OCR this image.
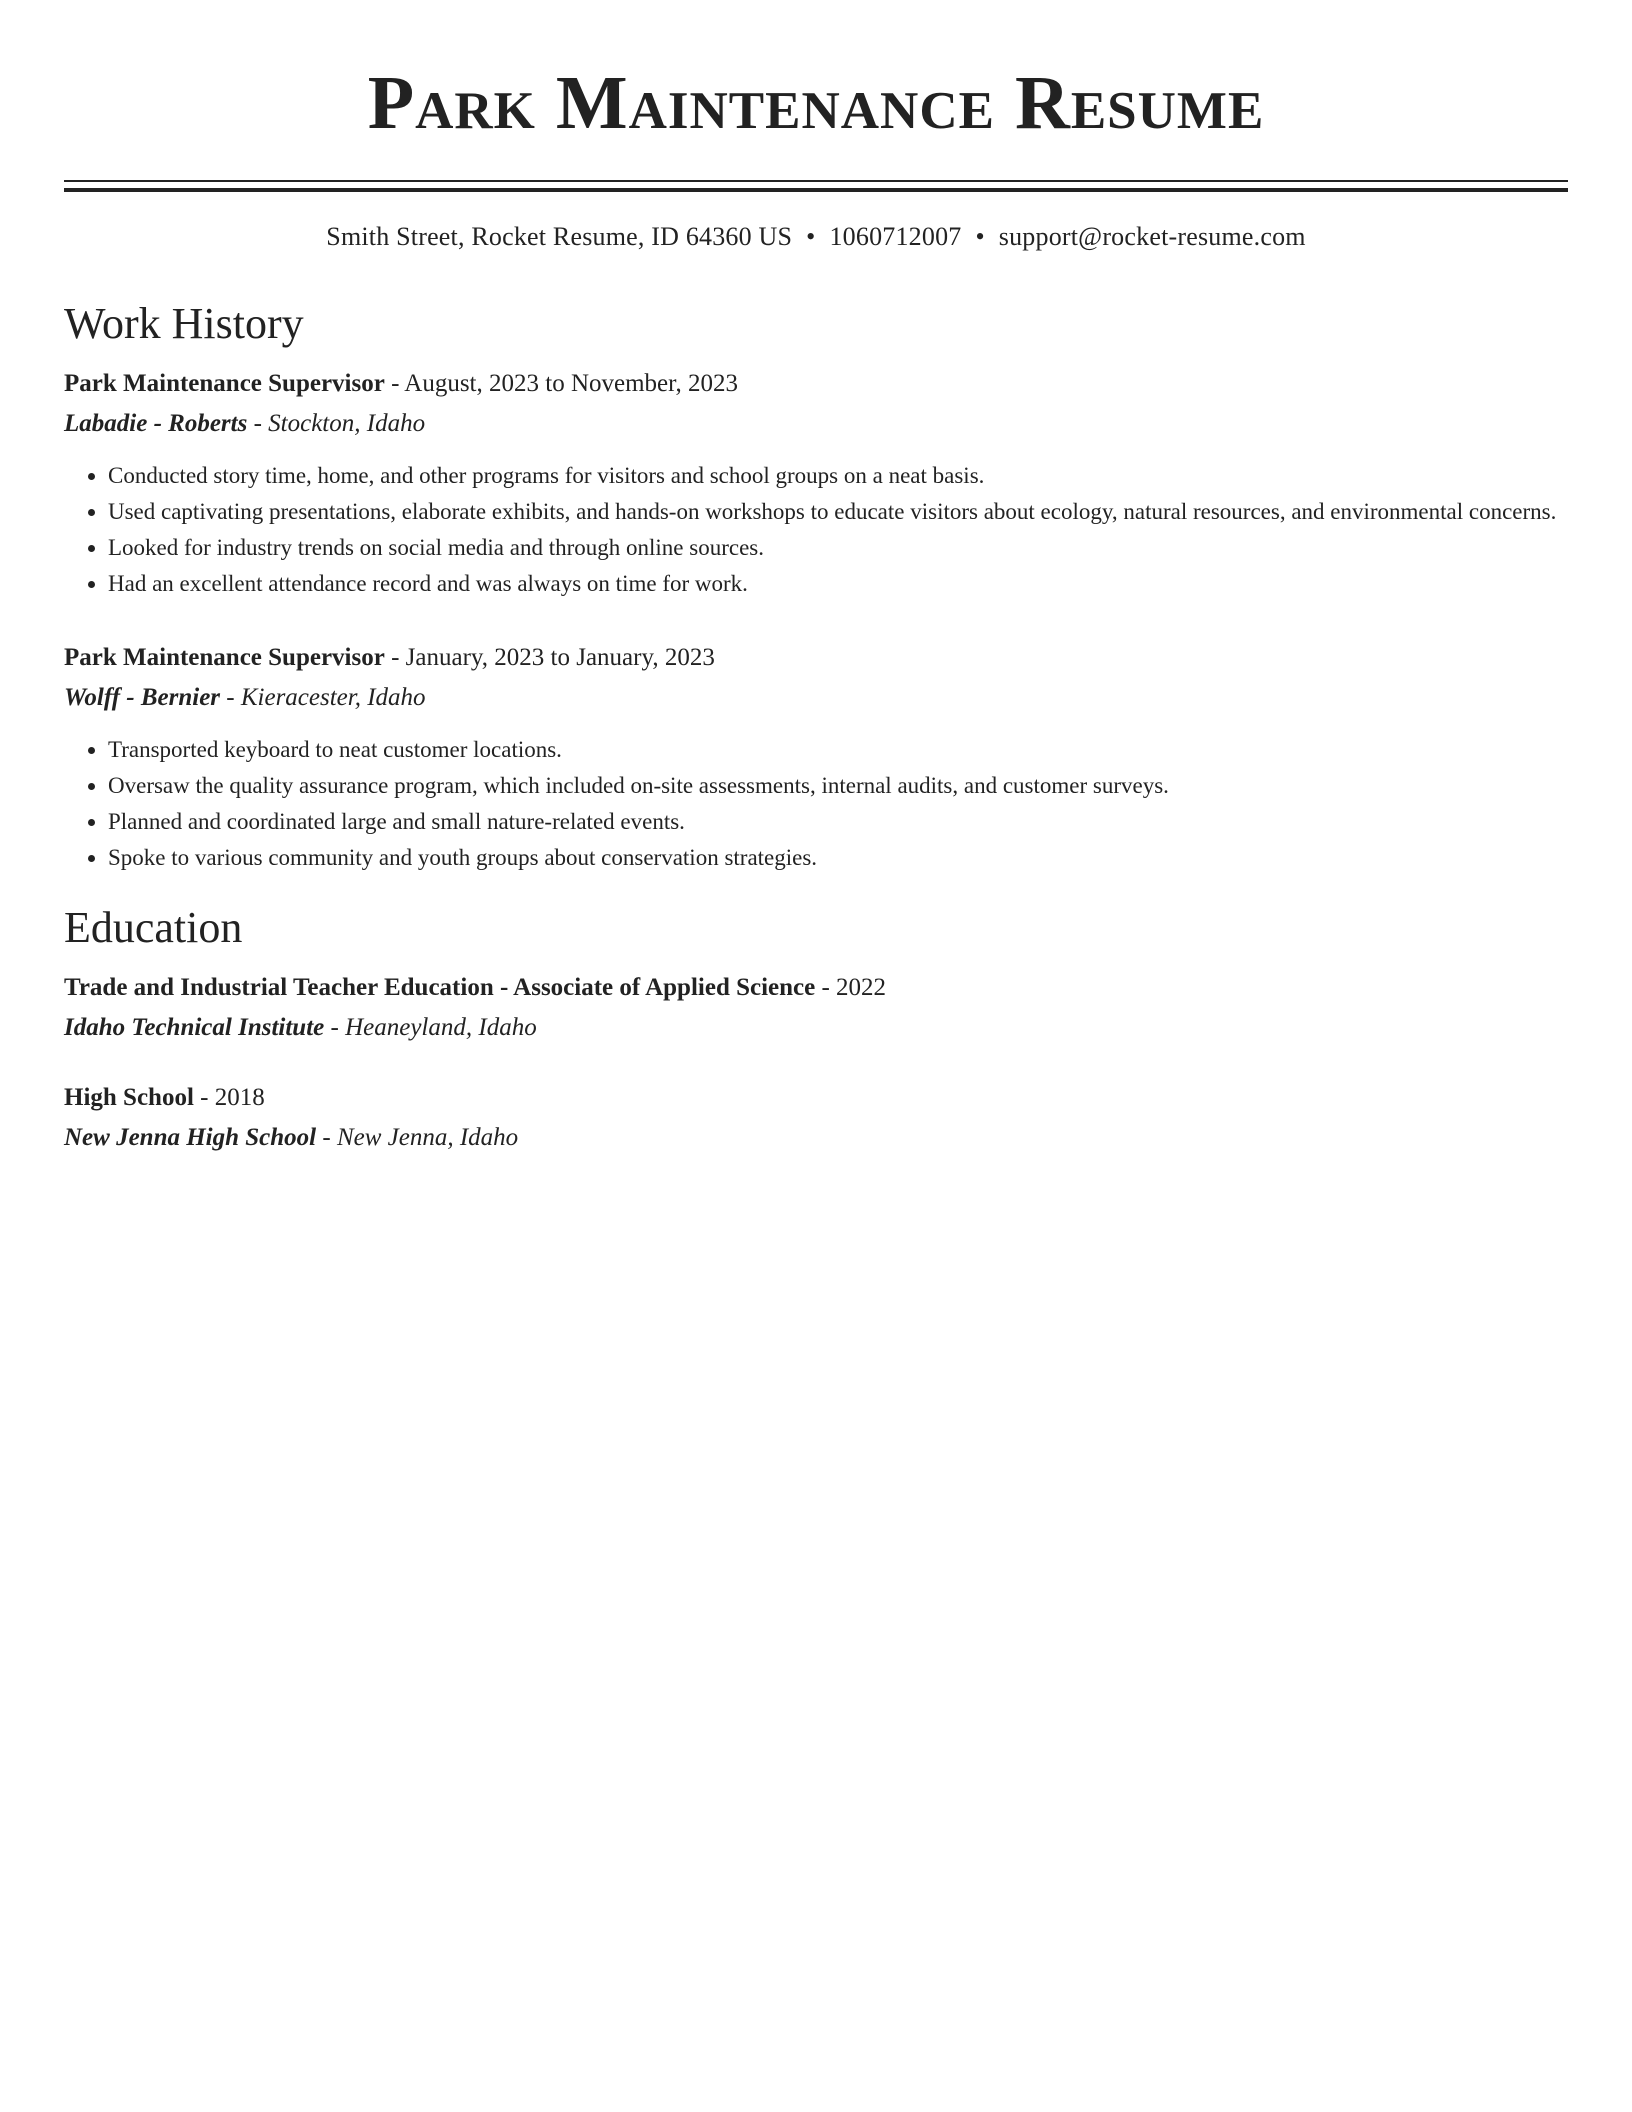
Park Maintenance Resume
Smith Street, Rocket Resume, ID 64360 US • 1060712007 • support@rocket-resume.com
Work History
Park Maintenance Supervisor - August, 2023 to November, 2023
Labadie - Roberts - Stockton, Idaho
• Conducted story time, home, and other programs for visitors and school groups on a neat basis.
• Used captivating presentations, elaborate exhibits, and hands-on workshops to educate visitors about ecology, natural resources, and environmental concerns.
• Looked for industry trends on social media and through online sources.
• Had an excellent attendance record and was always on time for work.
Park Maintenance Supervisor - January, 2023 to January, 2023
Wolff - Bernier - Kieracester, Idaho
• Transported keyboard to neat customer locations.
• Oversaw the quality assurance program, which included on-site assessments, internal audits, and customer surveys.
• Planned and coordinated large and small nature-related events.
• Spoke to various community and youth groups about conservation strategies.
Education
Trade and Industrial Teacher Education - Associate of Applied Science - 2022
Idaho Technical Institute - Heaneyland, Idaho
High School - 2018
New Jenna High School - New Jenna, Idaho
